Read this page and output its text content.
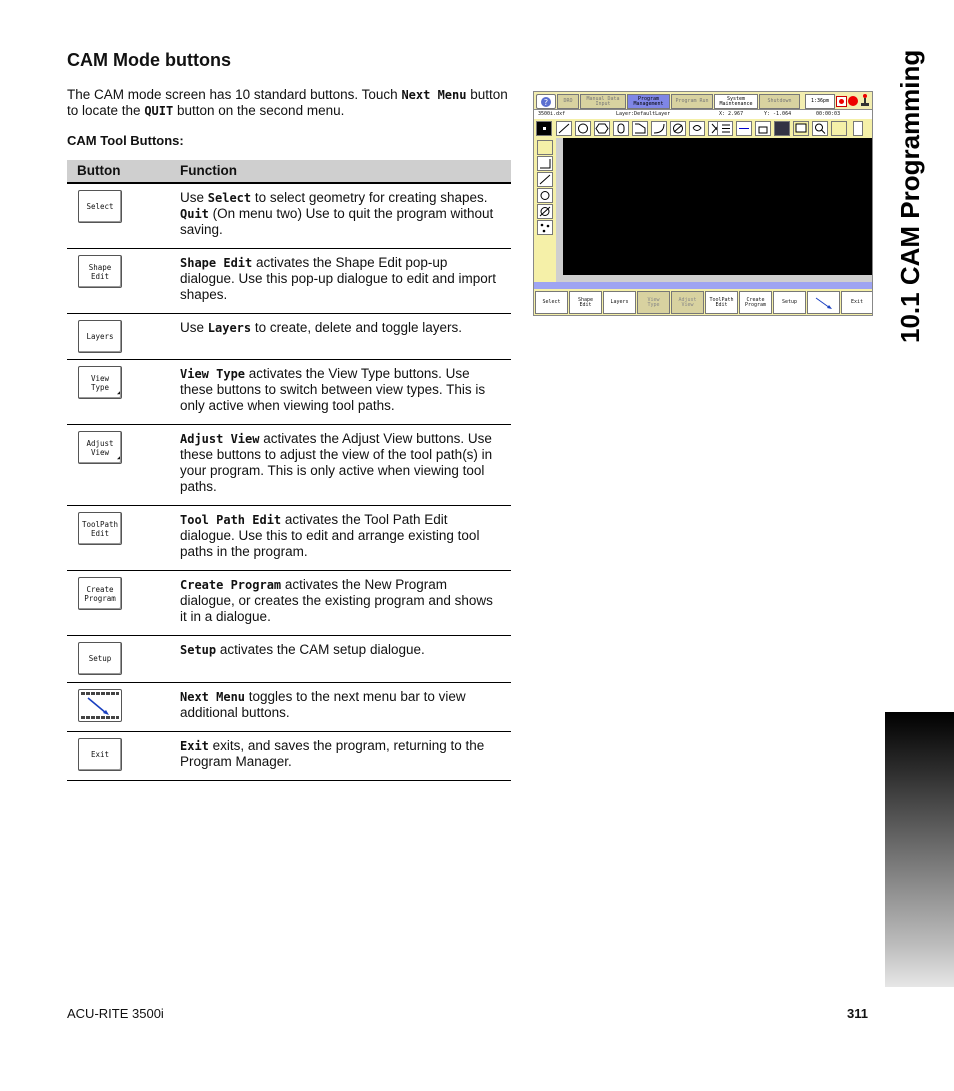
CAM Mode buttons

The CAM mode screen has 10 standard buttons. Touch Next Menu button to locate the QUIT button on the second menu.

CAM Tool Buttons:
Button	Function

Select	Use Select to select geometry for creating shapes. Quit (On menu two) Use to quit the program without saving.

Shape
Edit	Shape Edit activates the Shape Edit pop-up dialogue. Use this pop-up dialogue to edit and import shapes.

Layers	Use Layers to create, delete and toggle layers.

View
Type
◢	View Type activates the View Type buttons. Use these buttons to switch between view types. This is only active when viewing tool paths.

Adjust
View
◢	Adjust View activates the Adjust View buttons. Use these buttons to adjust the view of the tool path(s) in your program. This is only active when viewing tool paths.

ToolPath
Edit	Tool Path Edit activates the Tool Path Edit dialogue. Use this to edit and arrange existing tool paths in the program.

Create
Program	Create Program activates the New Program dialogue, or creates the existing program and shows it in a dialogue.

Setup	Setup activates the CAM setup dialogue.

	Next Menu toggles to the next menu bar to view additional buttons.

Exit	Exit exits, and saves the program, returning to the Program Manager.
?	DRO	Manual Data
Input
Program
Management	Program Run	System
Maintenance	Shutdown	1:36pm
3500i.dxf	Layer:DefaultLayer	X: 2.967	Y: -1.064	00:00:03
Select	Shape
Edit	Layers	View
Type
Adjust
View
ToolPath
Edit
Create
Program	Setup	Exit	10.1 CAM Programming
ACU-RITE 3500i	311
